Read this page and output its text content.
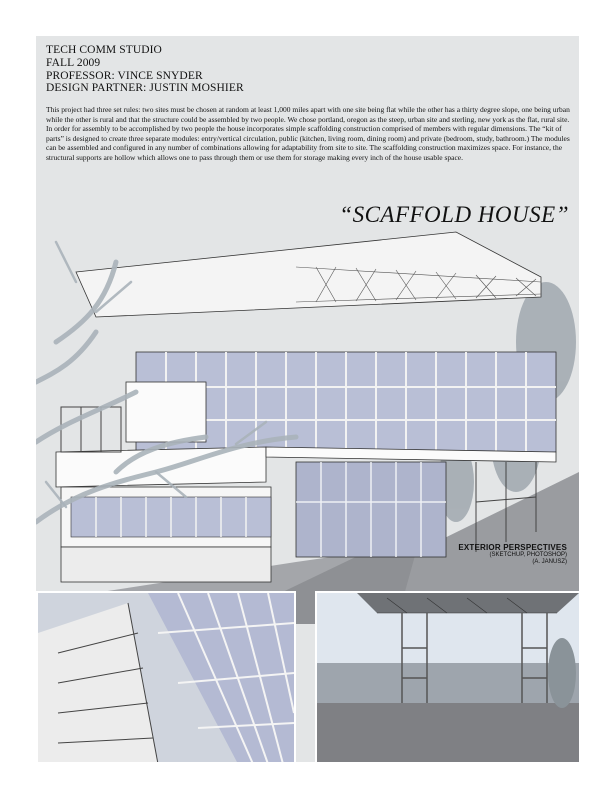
TECH COMM STUDIO
FALL 2009
PROFESSOR: VINCE SNYDER
DESIGN PARTNER: JUSTIN MOSHIER
This project had three set rules: two sites must be chosen at random at least 1,000 miles apart with one site being flat while the other has a thirty degree slope, one being urban while the other is rural and that the structure could be assembled by two people. We chose portland, oregon as the steep, urban site and sterling, new york as the flat, rural site. In order for assembly to be accomplished by two people the house incorporates simple scaffolding construction comprised of members with regular dimensions. The “kit of parts” is designed to create three separate modules: entry/vertical circulation, public (kitchen, living room, dining room) and private (bedroom, study, bathroom.) The modules can be assembled and configured in any number of combinations allowing for adaptability from site to site. The scaffolding construction maximizes space. For instance, the structural supports are hollow which allows one to pass through them or use them for storage making every inch of the house usable space.
“SCAFFOLD HOUSE”
EXTERIOR PERSPECTIVES
(SKETCHUP, PHOTOSHOP)
(A. JANUSZ)
